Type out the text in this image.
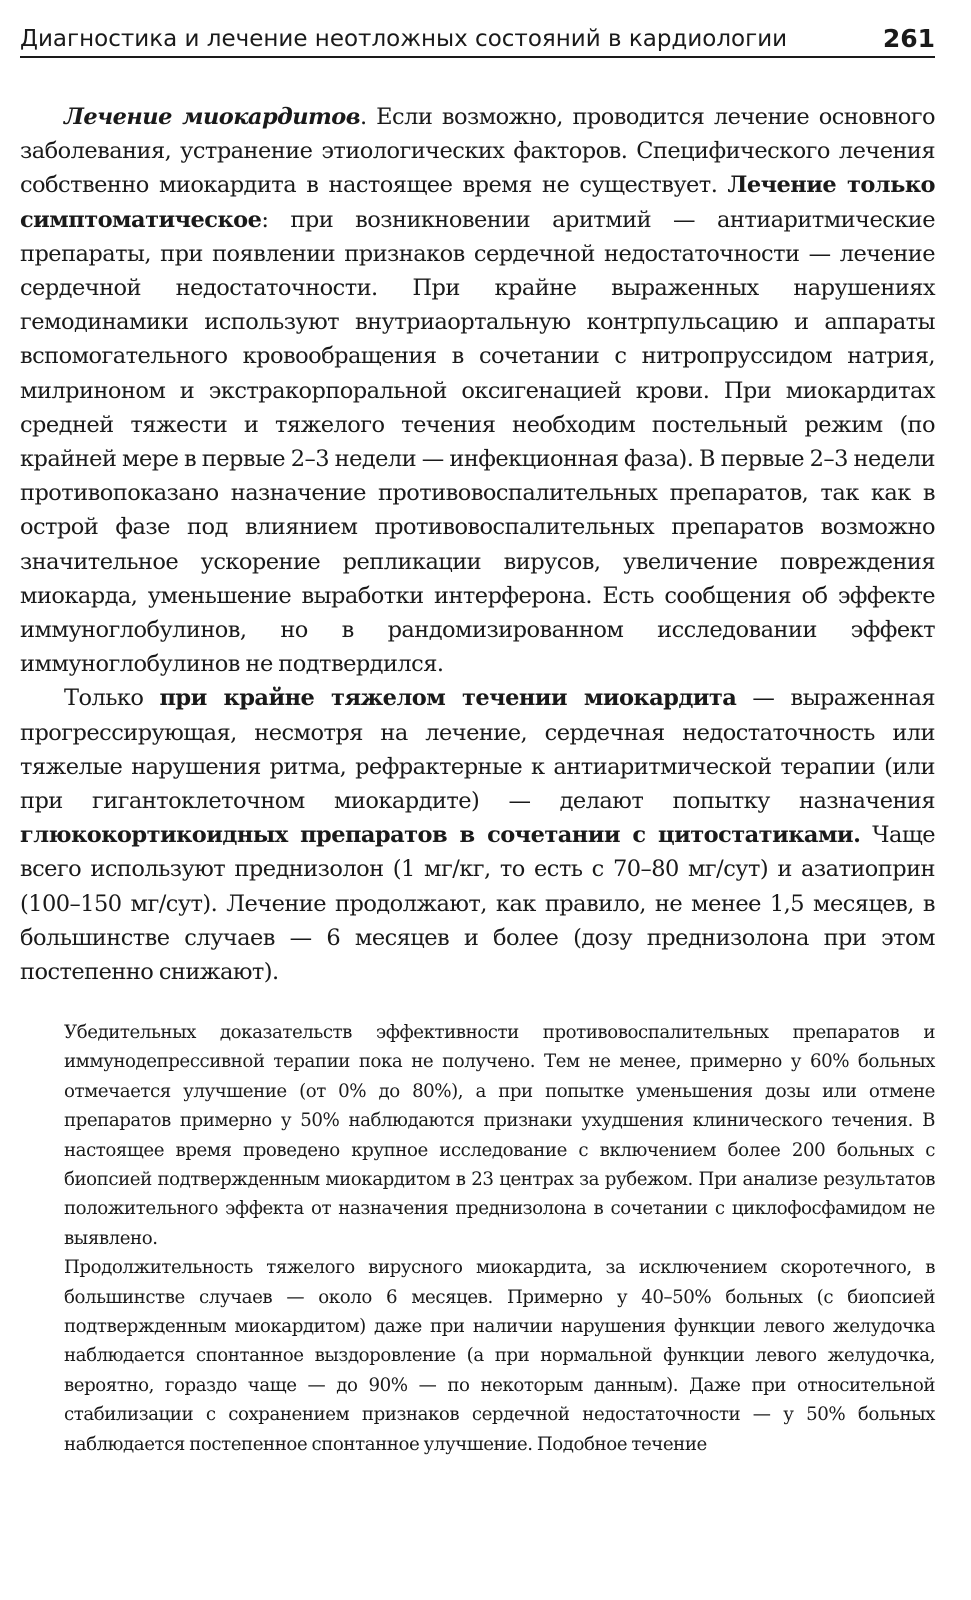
Диагностика и лечение неотложных состояний в кардиологии	261

Лечение миокардитов. Если возможно, проводится лечение основного заболевания, устранение этиологических факторов. Специфического лечения собственно миокардита в настоящее время не существует. Лечение только симптоматическое: при возникновении аритмий — антиаритмические препараты, при появлении признаков сердечной недостаточности — лечение сердечной недостаточности. При крайне выраженных нарушениях гемодинамики используют внутриаортальную контрпульсацию и аппараты вспомогательного кровообращения в сочетании с нитропруссидом натрия, милриноном и экстракорпоральной оксигенацией крови. При миокардитах средней тяжести и тяжелого течения необходим постельный режим (по крайней мере в первые 2–3 недели — инфекционная фаза). В первые 2–3 недели противопоказано назначение противовоспалительных препаратов, так как в острой фазе под влиянием противовоспалительных препаратов возможно значительное ускорение репликации вирусов, увеличение повреждения миокарда, уменьшение выработки интерферона. Есть сообщения об эффекте иммуноглобулинов, но в рандомизированном исследовании эффект иммуноглобулинов не подтвердился.

Только при крайне тяжелом течении миокардита — выраженная прогрессирующая, несмотря на лечение, сердечная недостаточность или тяжелые нарушения ритма, рефрактерные к антиаритмической терапии (или при гигантоклеточном миокардите) — делают попытку назначения глюкокортикоидных препаратов в сочетании с цитостатиками. Чаще всего используют преднизолон (1 мг/кг, то есть с 70–80 мг/сут) и азатиоприн (100–150 мг/сут). Лечение продолжают, как правило, не менее 1,5 месяцев, в большинстве случаев — 6 месяцев и более (дозу преднизолона при этом постепенно снижают).

Убедительных доказательств эффективности противовоспалительных препаратов и иммунодепрессивной терапии пока не получено. Тем не менее, примерно у 60% больных отмечается улучшение (от 0% до 80%), а при попытке уменьшения дозы или отмене препаратов примерно у 50% наблюдаются признаки ухудшения клинического течения. В настоящее время проведено крупное исследование с включением более 200 больных с биопсией подтвержденным миокардитом в 23 центрах за рубежом. При анализе результатов положительного эффекта от назначения преднизолона в сочетании с циклофосфамидом не выявлено.

Продолжительность тяжелого вирусного миокардита, за исключением скоротечного, в большинстве случаев — около 6 месяцев. Примерно у 40–50% больных (с биопсией подтвержденным миокардитом) даже при наличии нарушения функции левого желудочка наблюдается спонтанное выздоровление (а при нормальной функции левого желудочка, вероятно, гораздо чаще — до 90% — по некоторым данным). Даже при относительной стабилизации с сохранением признаков сердечной недостаточности — у 50% больных наблюдается постепенное спонтанное улучшение. Подобное течение
